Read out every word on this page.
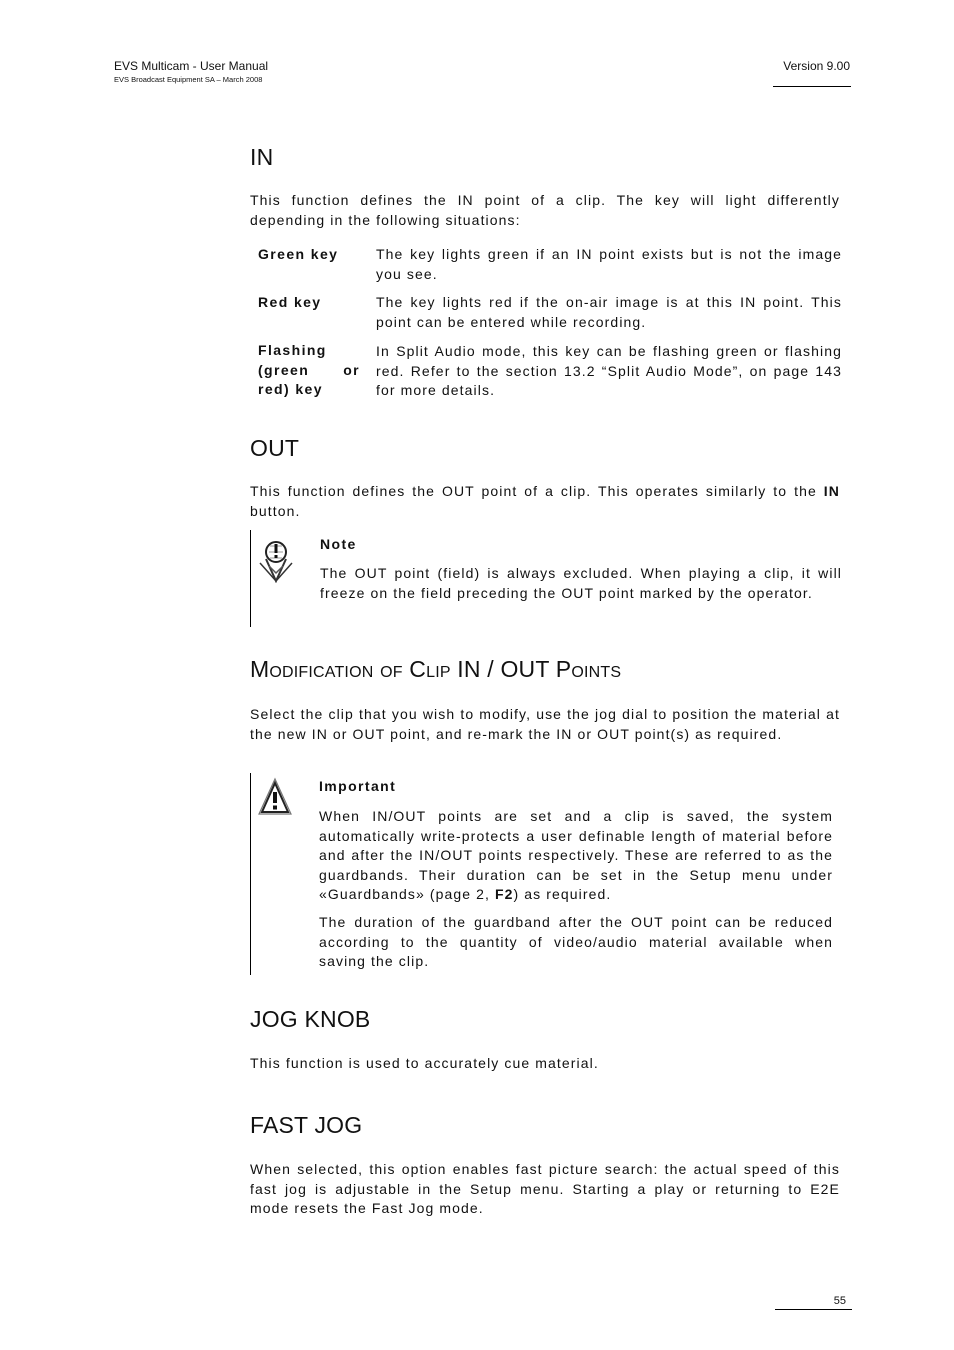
EVS Multicam - User Manual
EVS Broadcast Equipment SA – March 2008
Version 9.00
IN
This function defines the IN point of a clip. The key will light differently depending in the following situations:
Green key	The key lights green if an IN point exists but is not the image you see.
Red key	The key lights red if the on-air image is at this IN point. This point can be entered while recording.
Flashing (green or red) key
In Split Audio mode, this key can be flashing green or flashing red. Refer to the section 13.2 “Split Audio Mode”, on page 143 for more details.
OUT
This function defines the OUT point of a clip. This operates similarly to the IN button.
Note
The OUT point (field) is always excluded. When playing a clip, it will freeze on the field preceding the OUT point marked by the operator.
Modification of Clip IN / OUT Points
Select the clip that you wish to modify, use the jog dial to position the material at the new IN or OUT point, and re-mark the IN or OUT point(s) as required.
Important
When IN/OUT points are set and a clip is saved, the system automatically write-protects a user definable length of material before and after the IN/OUT points respectively. These are referred to as the guardbands. Their duration can be set in the Setup menu under «Guardbands» (page 2, F2) as required.
The duration of the guardband after the OUT point can be reduced according to the quantity of video/audio material available when saving the clip.
JOG KNOB
This function is used to accurately cue material.
FAST JOG
When selected, this option enables fast picture search: the actual speed of this fast jog is adjustable in the Setup menu. Starting a play or returning to E2E mode resets the Fast Jog mode.
55
